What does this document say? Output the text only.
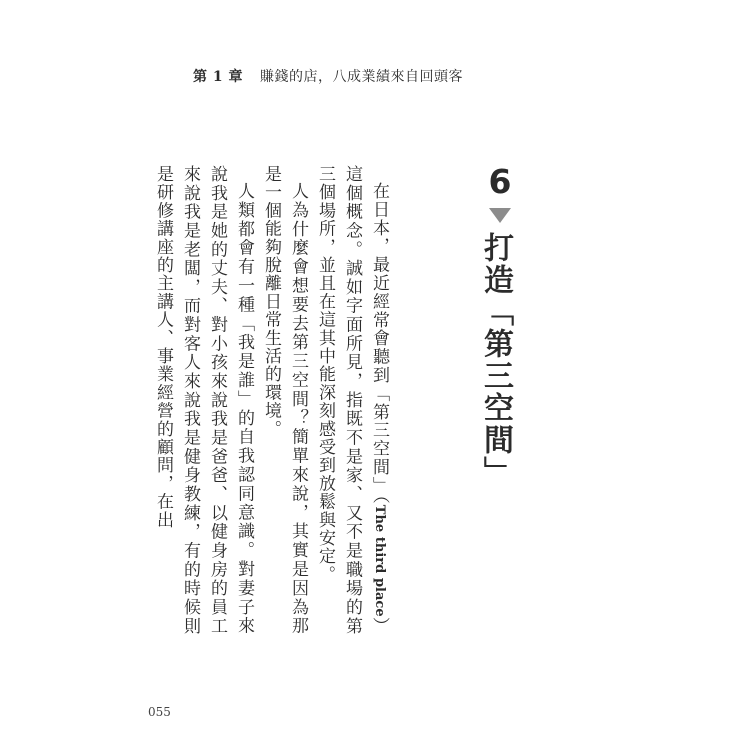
第 1 章 賺錢的店，八成業績來自回頭客
6
打造「第三空間」

在日本，最近經常會聽到「第三空間」（The third place）這個概念。誠如字面所見，指既不是家、又不是職場的第三個場所，並且在這其中能深刻感受到放鬆與安定。

人為什麼會想要去第三空間？簡單來說，其實是因為那是一個能夠脫離日常生活的環境。

人類都會有一種「我是誰」的自我認同意識。對妻子來說我是她的丈夫、對小孩來說我是爸爸、以健身房的員工來說我是老闆，而對客人來說我是健身教練，有的時候則是研修講座的主講人、事業經營的顧問，在出

055
